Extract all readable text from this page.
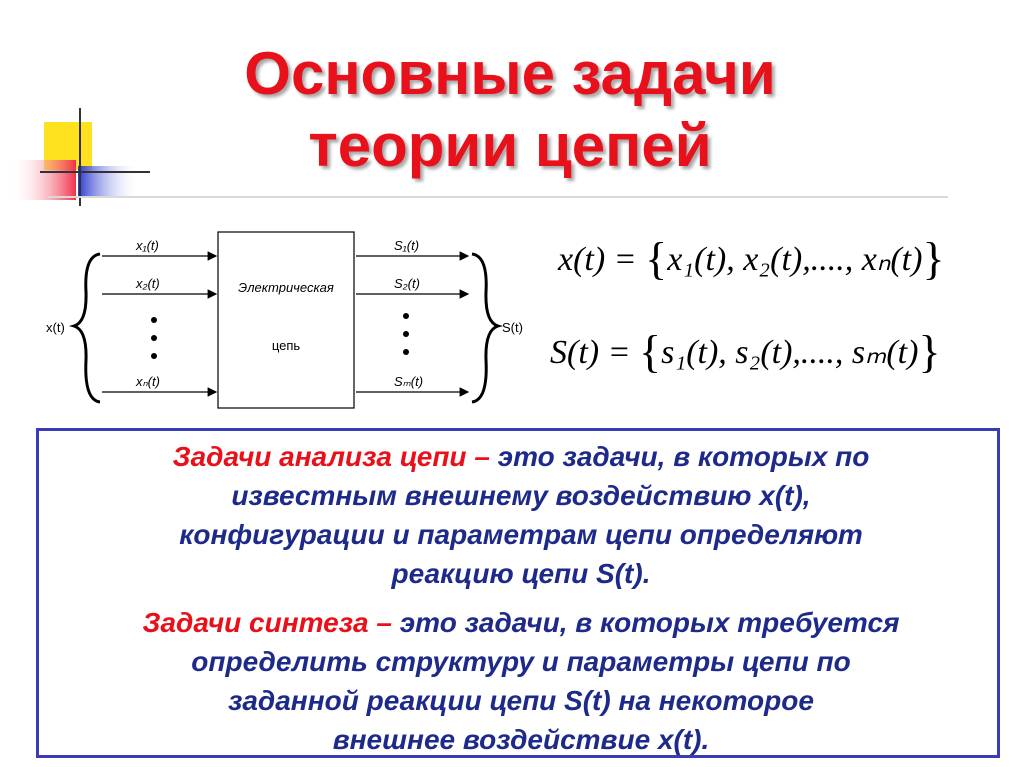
Основные задачи
теории цепей
x(t)
x₁(t)
x₂(t)
xₙ(t)
Электрическая
цепь
S₁(t)
S₂(t)
Sₘ(t)
S(t)
x(t) = {x₁(t), x₂(t),...., xₙ(t)}
S(t) = {s₁(t), s₂(t),...., sₘ(t)}
Задачи анализа цепи – это задачи, в которых по
известным внешнему воздействию x(t),
конфигурации и параметрам цепи определяют
реакцию цепи S(t).
Задачи синтеза – это задачи, в которых требуется
определить структуру и параметры цепи по
заданной реакции цепи S(t) на некоторое
внешнее воздействие x(t).
